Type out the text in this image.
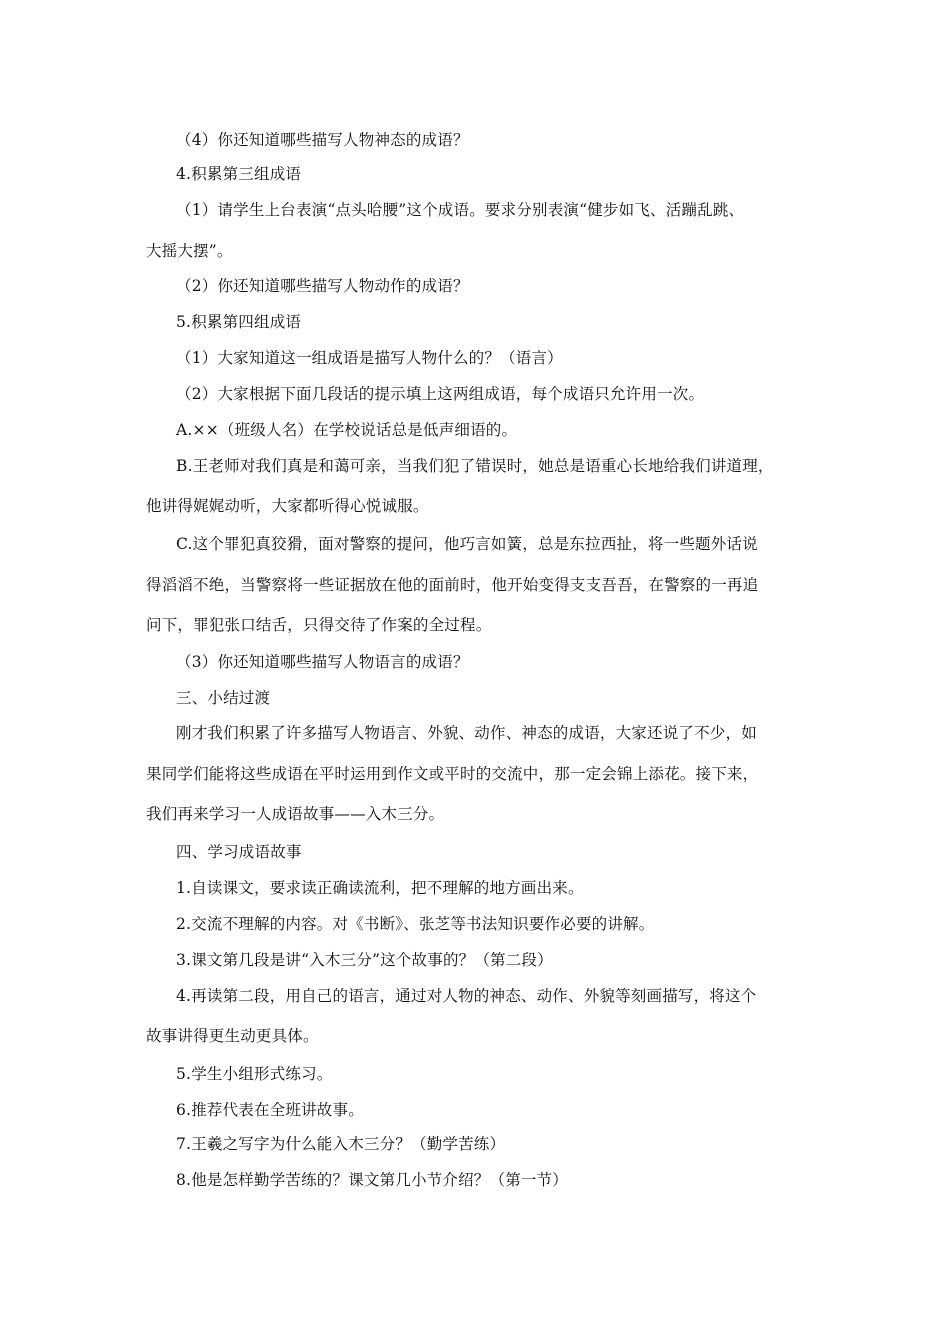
（4）你还知道哪些描写人物神态的成语？
4.积累第三组成语
（1）请学生上台表演“点头哈腰”这个成语。要求分别表演“健步如飞、活蹦乱跳、
大摇大摆”。
（2）你还知道哪些描写人物动作的成语？
5.积累第四组成语
（1）大家知道这一组成语是描写人物什么的？（语言）
（2）大家根据下面几段话的提示填上这两组成语，每个成语只允许用一次。
A.××（班级人名）在学校说话总是低声细语的。
B.王老师对我们真是和蔼可亲，当我们犯了错误时，她总是语重心长地给我们讲道理，
他讲得娓娓动听，大家都听得心悦诚服。
C.这个罪犯真狡猾，面对警察的提问，他巧言如簧，总是东拉西扯，将一些题外话说
得滔滔不绝，当警察将一些证据放在他的面前时，他开始变得支支吾吾，在警察的一再追
问下，罪犯张口结舌，只得交待了作案的全过程。
（3）你还知道哪些描写人物语言的成语？
三、小结过渡
刚才我们积累了许多描写人物语言、外貌、动作、神态的成语，大家还说了不少，如
果同学们能将这些成语在平时运用到作文或平时的交流中，那一定会锦上添花。接下来，
我们再来学习一人成语故事——入木三分。
四、学习成语故事
1.自读课文，要求读正确读流利，把不理解的地方画出来。
2.交流不理解的内容。对《书断》、张芝等书法知识要作必要的讲解。
3.课文第几段是讲“入木三分”这个故事的？（第二段）
4.再读第二段，用自己的语言，通过对人物的神态、动作、外貌等刻画描写，将这个
故事讲得更生动更具体。
5.学生小组形式练习。
6.推荐代表在全班讲故事。
7.王羲之写字为什么能入木三分？（勤学苦练）
8.他是怎样勤学苦练的？课文第几小节介绍？（第一节）
